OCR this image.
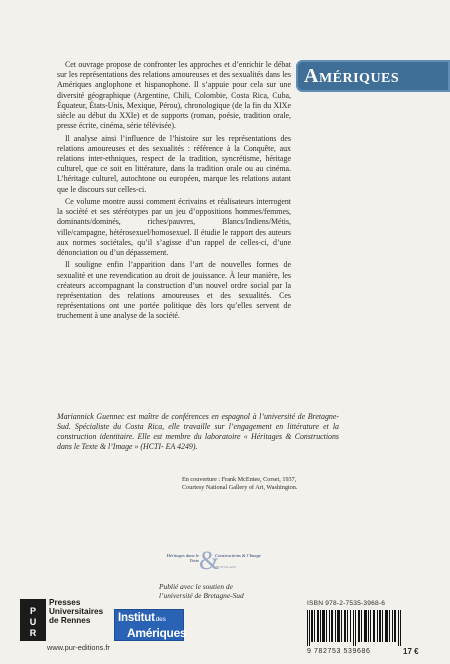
Amériques

Cet ouvrage propose de confronter les approches et d’enrichir le débat sur les représentations des relations amoureuses et des sexualités dans les Amériques anglophone et hispanophone. Il s’appuie pour cela sur une diversité géographique (Argentine, Chili, Colombie, Costa Rica, Cuba, Équateur, États-Unis, Mexique, Pérou), chronologique (de la fin du XIXe siècle au début du XXIe) et de supports (roman, poésie, tradition orale, presse écrite, cinéma, série télévisée).

Il analyse ainsi l’influence de l’histoire sur les représentations des relations amoureuses et des sexualités : référence à la Conquête, aux relations inter-ethniques, respect de la tradition, syncrétisme, héritage culturel, que ce soit en littérature, dans la tradition orale ou au cinéma. L’héritage culturel, autochtone ou européen, marque les relations autant que le discours sur celles-ci.

Ce volume montre aussi comment écrivains et réalisateurs interrogent la société et ses stéréotypes par un jeu d’oppositions hommes/femmes, dominants/dominés, riches/pauvres, Blancs/Indiens/Métis, ville/campagne, hétérosexuel/homosexuel. Il étudie le rapport des auteurs aux normes sociétales, qu’il s’agisse d’un rappel de celles-ci, d’une dénonciation ou d’un dépassement.

Il souligne enfin l’apparition dans l’art de nouvelles formes de sexualité et une revendication au droit de jouissance. À leur manière, les créateurs accompagnant la construction d’un nouvel ordre social par la représentation des relations amoureuses et des sexualités. Ces représentations ont une portée politique dès lors qu’elles servent de truchement à une analyse de la société.

Mariannick Guennec est maître de conférences en espagnol à l’université de Bretagne-Sud. Spécialiste du Costa Rica, elle travaille sur l’engagement en littérature et la construction identitaire. Elle est membre du laboratoire « Héritages & Constructions dans le Texte & l’Image » (HCTI- EA 4249).
En couverture : Frank McEntee, Corset, 1937,
Courtesy National Gallery of Art, Washington.
Héritages dans le Texte &
Constructions & l’Image
HCTI EA 4249
Publié avec le soutien de
l’université de Bretagne-Sud
ISBN 978-2-7535-3968-6
9 782753 539686	17 €
P
U
R
Presses
Universitaires
de Rennes
www.pur-editions.fr
Institutdes
Amériques
